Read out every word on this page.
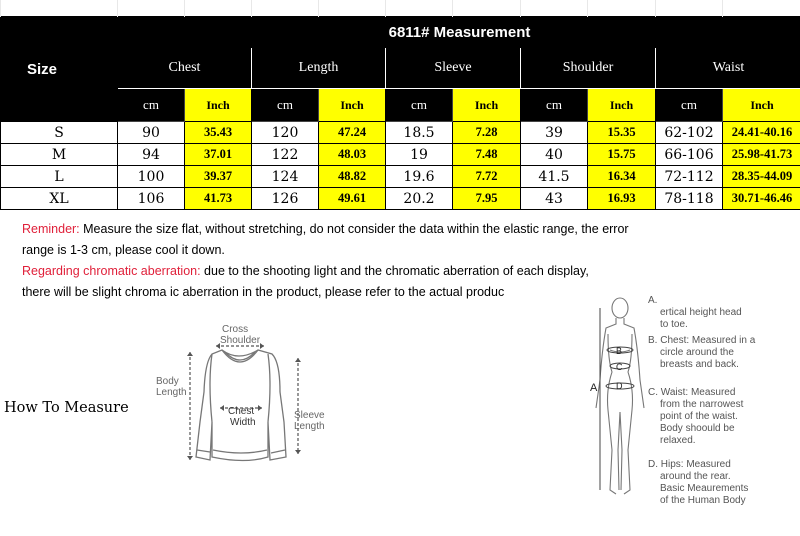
Size	6811# Measurement									
	Chest		Length		Sleeve		Shoulder		Waist	
	cm	Inch	cm	Inch	cm	Inch	cm	Inch	cm	Inch
S	90	35.43	120	47.24	18.5	7.28	39	15.35	62-102	24.41-40.16
M	94	37.01	122	48.03	19	7.48	40	15.75	66-106	25.98-41.73
L	100	39.37	124	48.82	19.6	7.72	41.5	16.34	72-112	28.35-44.09
XL	106	41.73	126	49.61	20.2	7.95	43	16.93	78-118	30.71-46.46
Reminder: Measure the size flat, without stretching, do not consider the data within the elastic range, the error
range is 1-3 cm, please cool it down.
Regarding chromatic aberration: due to the shooting light and the chromatic aberration of each display,
there will be slight chroma ic aberration in the product, please refer to the actual produc
How To Measure
Cross
Shoulder
Body
Length
Chest
Width
Sleeve
Length
A
B
C
D
A.
ertical height head
to toe.
B. Chest: Measured in a
circle around the
breasts and back.
C. Waist: Measured
from the narrowest
point of the waist.
Body shoould be
relaxed.
D. Hips: Measured
around the rear.
Basic Meaurements
of the Human Body
